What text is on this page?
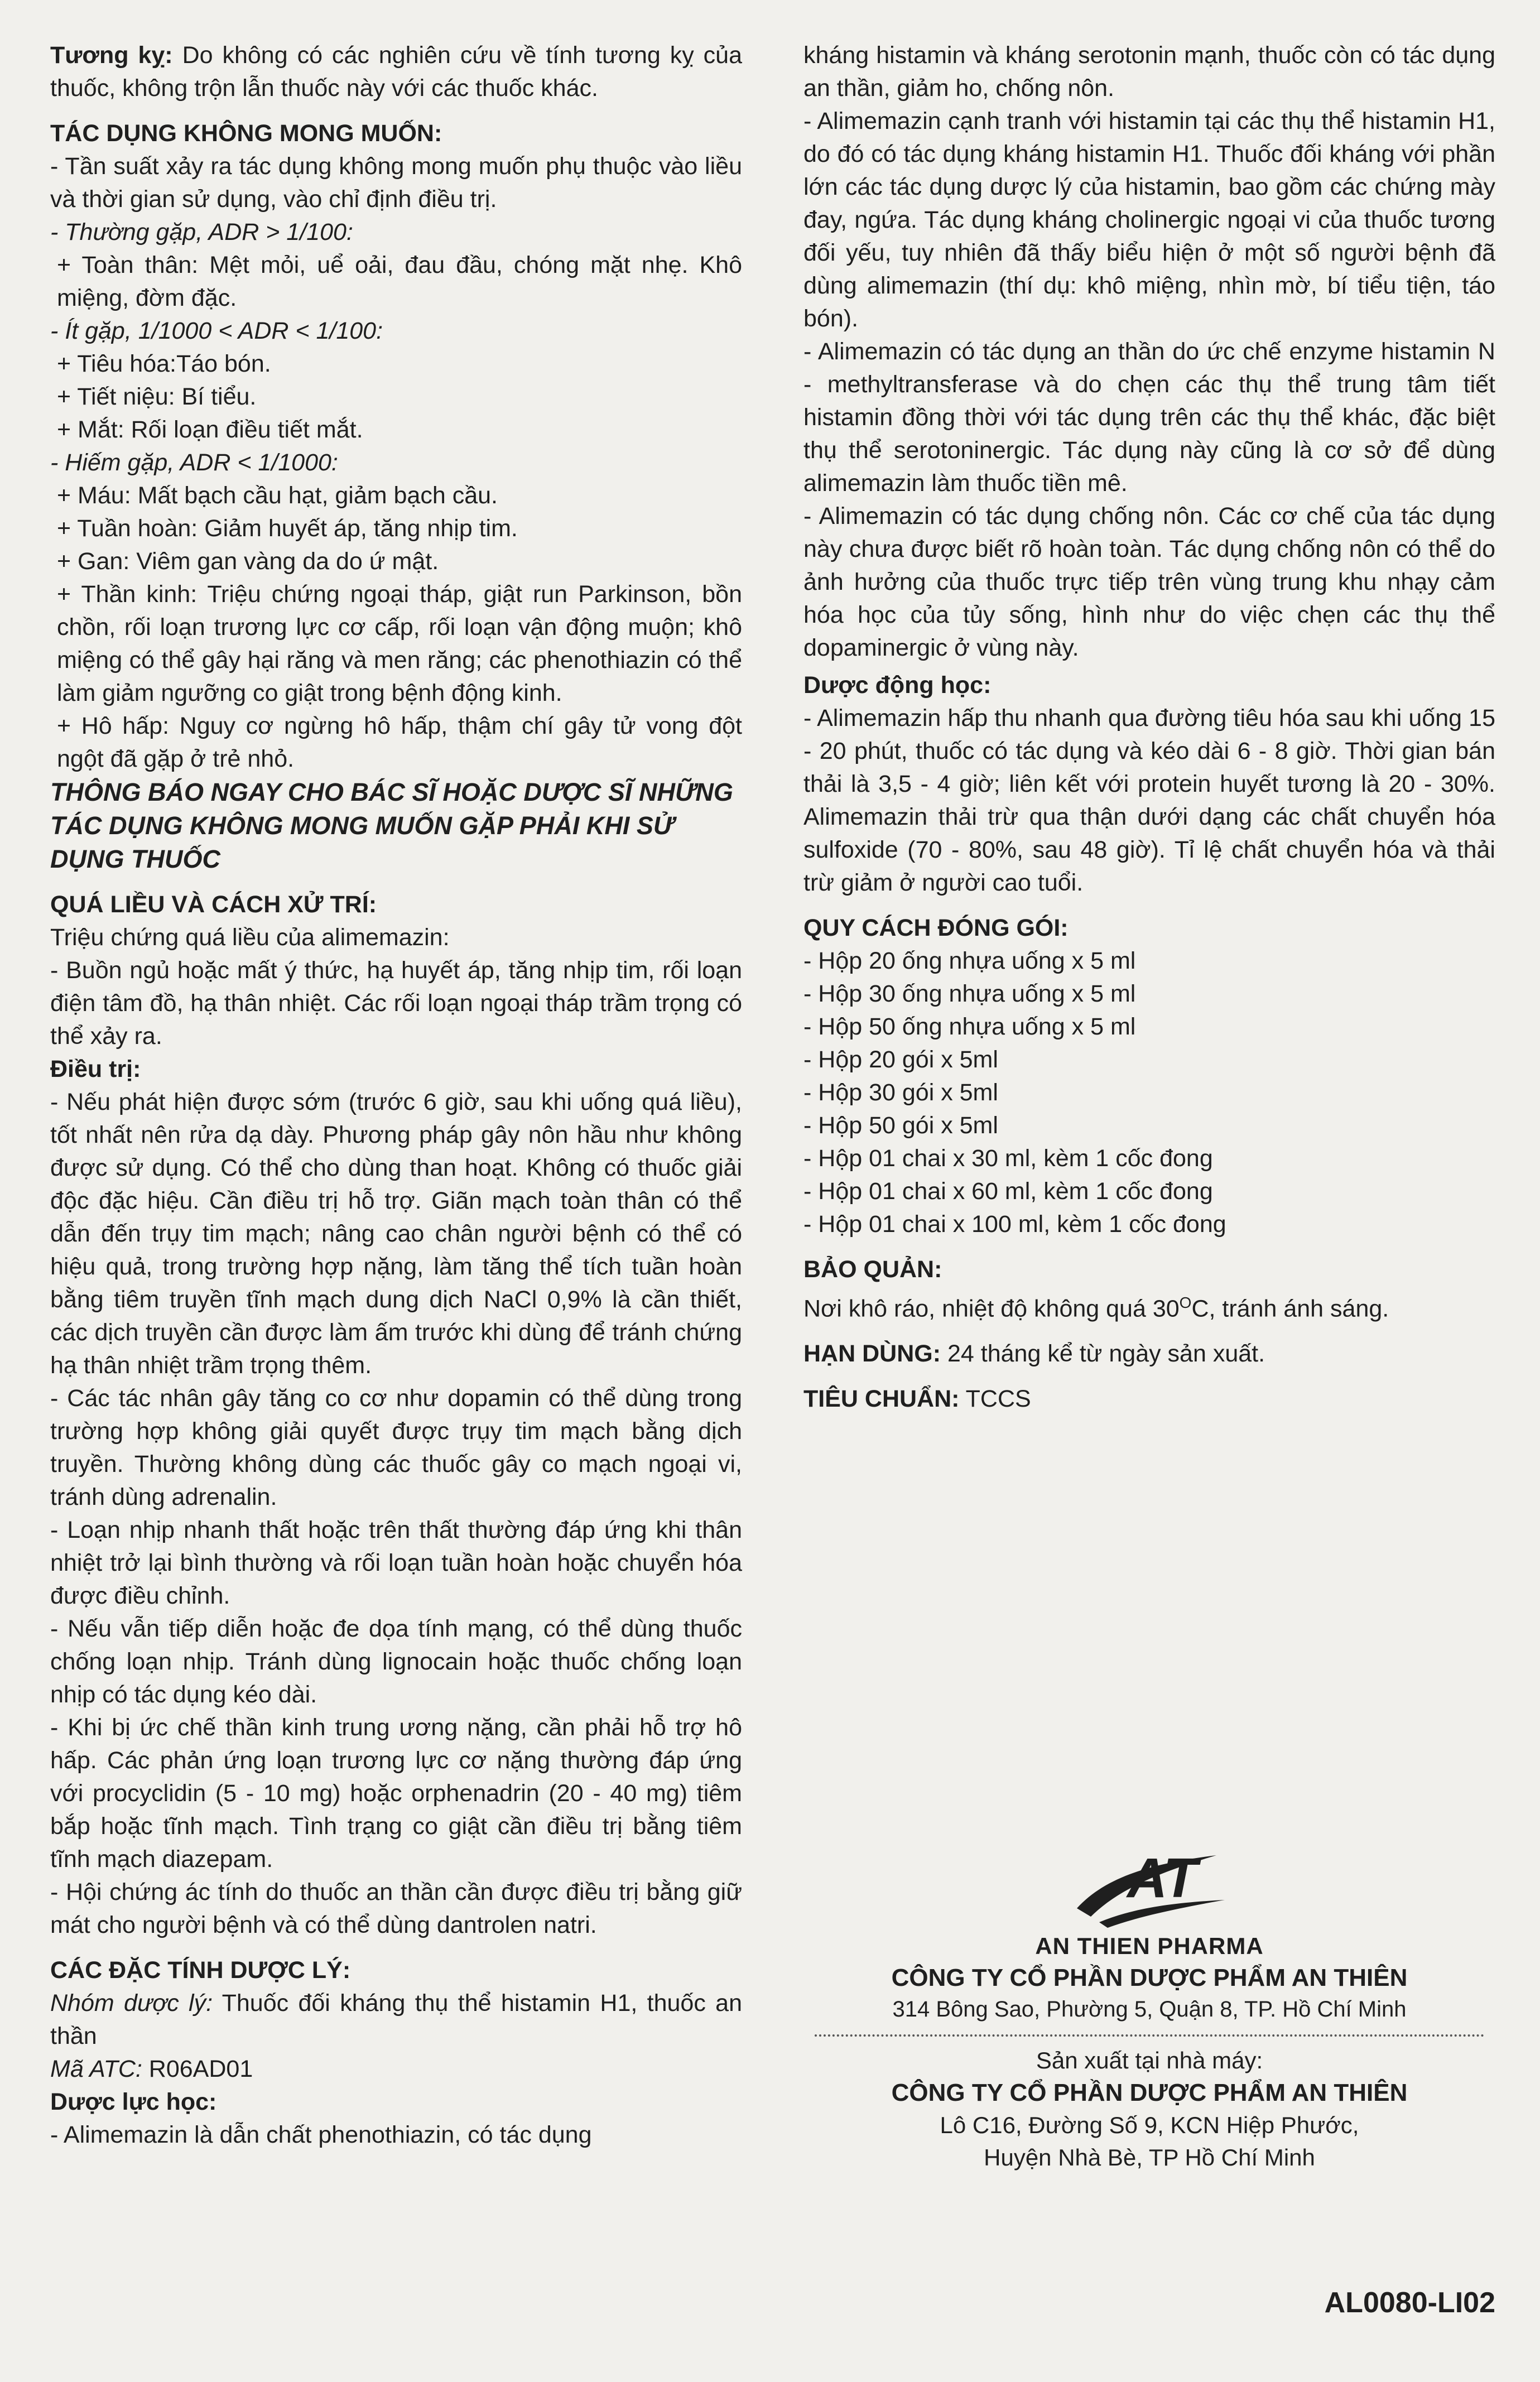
Tương kỵ: Do không có các nghiên cứu về tính tương kỵ của thuốc, không trộn lẫn thuốc này với các thuốc khác.

TÁC DỤNG KHÔNG MONG MUỐN:

- Tần suất xảy ra tác dụng không mong muốn phụ thuộc vào liều và thời gian sử dụng, vào chỉ định điều trị.

- Thường gặp, ADR > 1/100:

+ Toàn thân: Mệt mỏi, uể oải, đau đầu, chóng mặt nhẹ. Khô miệng, đờm đặc.

- Ít gặp, 1/1000 < ADR < 1/100:

+ Tiêu hóa:Táo bón.

+ Tiết niệu: Bí tiểu.

+ Mắt: Rối loạn điều tiết mắt.

- Hiếm gặp, ADR < 1/1000:

+ Máu: Mất bạch cầu hạt, giảm bạch cầu.

+ Tuần hoàn: Giảm huyết áp, tăng nhịp tim.

+ Gan: Viêm gan vàng da do ứ mật.

+ Thần kinh: Triệu chứng ngoại tháp, giật run Parkinson, bồn chồn, rối loạn trương lực cơ cấp, rối loạn vận động muộn; khô miệng có thể gây hại răng và men răng; các phenothiazin có thể làm giảm ngưỡng co giật trong bệnh động kinh.

+ Hô hấp: Nguy cơ ngừng hô hấp, thậm chí gây tử vong đột ngột đã gặp ở trẻ nhỏ.

THÔNG BÁO NGAY CHO BÁC SĨ HOẶC DƯỢC SĨ NHỮNG TÁC DỤNG KHÔNG MONG MUỐN GẶP PHẢI KHI SỬ DỤNG THUỐC

QUÁ LIỀU VÀ CÁCH XỬ TRÍ:

Triệu chứng quá liều của alimemazin:

- Buồn ngủ hoặc mất ý thức, hạ huyết áp, tăng nhịp tim, rối loạn điện tâm đồ, hạ thân nhiệt. Các rối loạn ngoại tháp trầm trọng có thể xảy ra.

Điều trị:

- Nếu phát hiện được sớm (trước 6 giờ, sau khi uống quá liều), tốt nhất nên rửa dạ dày. Phương pháp gây nôn hầu như không được sử dụng. Có thể cho dùng than hoạt. Không có thuốc giải độc đặc hiệu. Cần điều trị hỗ trợ. Giãn mạch toàn thân có thể dẫn đến trụy tim mạch; nâng cao chân người bệnh có thể có hiệu quả, trong trường hợp nặng, làm tăng thể tích tuần hoàn bằng tiêm truyền tĩnh mạch dung dịch NaCl 0,9% là cần thiết, các dịch truyền cần được làm ấm trước khi dùng để tránh chứng hạ thân nhiệt trầm trọng thêm.

- Các tác nhân gây tăng co cơ như dopamin có thể dùng trong trường hợp không giải quyết được trụy tim mạch bằng dịch truyền. Thường không dùng các thuốc gây co mạch ngoại vi, tránh dùng adrenalin.

- Loạn nhịp nhanh thất hoặc trên thất thường đáp ứng khi thân nhiệt trở lại bình thường và rối loạn tuần hoàn hoặc chuyển hóa được điều chỉnh.

- Nếu vẫn tiếp diễn hoặc đe dọa tính mạng, có thể dùng thuốc chống loạn nhịp. Tránh dùng lignocain hoặc thuốc chống loạn nhịp có tác dụng kéo dài.

- Khi bị ức chế thần kinh trung ương nặng, cần phải hỗ trợ hô hấp. Các phản ứng loạn trương lực cơ nặng thường đáp ứng với procyclidin (5 - 10 mg) hoặc orphenadrin (20 - 40 mg) tiêm bắp hoặc tĩnh mạch. Tình trạng co giật cần điều trị bằng tiêm tĩnh mạch diazepam.

- Hội chứng ác tính do thuốc an thần cần được điều trị bằng giữ mát cho người bệnh và có thể dùng dantrolen natri.

CÁC ĐẶC TÍNH DƯỢC LÝ:

Nhóm dược lý: Thuốc đối kháng thụ thể histamin H1, thuốc an thần

Mã ATC: R06AD01

Dược lực học:

- Alimemazin là dẫn chất phenothiazin, có tác dụng

kháng histamin và kháng serotonin mạnh, thuốc còn có tác dụng an thần, giảm ho, chống nôn.

- Alimemazin cạnh tranh với histamin tại các thụ thể histamin H1, do đó có tác dụng kháng histamin H1. Thuốc đối kháng với phần lớn các tác dụng dược lý của histamin, bao gồm các chứng mày đay, ngứa. Tác dụng kháng cholinergic ngoại vi của thuốc tương đối yếu, tuy nhiên đã thấy biểu hiện ở một số người bệnh đã dùng alimemazin (thí dụ: khô miệng, nhìn mờ, bí tiểu tiện, táo bón).

- Alimemazin có tác dụng an thần do ức chế enzyme histamin N - methyltransferase và do chẹn các thụ thể trung tâm tiết histamin đồng thời với tác dụng trên các thụ thể khác, đặc biệt thụ thể serotoninergic. Tác dụng này cũng là cơ sở để dùng alimemazin làm thuốc tiền mê.

- Alimemazin có tác dụng chống nôn. Các cơ chế của tác dụng này chưa được biết rõ hoàn toàn. Tác dụng chống nôn có thể do ảnh hưởng của thuốc trực tiếp trên vùng trung khu nhạy cảm hóa học của tủy sống, hình như do việc chẹn các thụ thể dopaminergic ở vùng này.

Dược động học:

- Alimemazin hấp thu nhanh qua đường tiêu hóa sau khi uống 15 - 20 phút, thuốc có tác dụng và kéo dài 6 - 8 giờ. Thời gian bán thải là 3,5 - 4 giờ; liên kết với protein huyết tương là 20 - 30%. Alimemazin thải trừ qua thận dưới dạng các chất chuyển hóa sulfoxide (70 - 80%, sau 48 giờ). Tỉ lệ chất chuyển hóa và thải trừ giảm ở người cao tuổi.

QUY CÁCH ĐÓNG GÓI:

- Hộp 20 ống nhựa uống x 5 ml

- Hộp 30 ống nhựa uống x 5 ml

- Hộp 50 ống nhựa uống x 5 ml

- Hộp 20 gói x 5ml

- Hộp 30 gói x 5ml

- Hộp 50 gói x 5ml

- Hộp 01 chai x 30 ml, kèm 1 cốc đong

- Hộp 01 chai x 60 ml, kèm 1 cốc đong

- Hộp 01 chai x 100 ml, kèm 1 cốc đong

BẢO QUẢN:

Nơi khô ráo, nhiệt độ không quá $30^OC$, tránh ánh sáng.

HẠN DÙNG: 24 tháng kể từ ngày sản xuất.

TIÊU CHUẨN: TCCS

AT
AN THIEN PHARMA
CÔNG TY CỔ PHẦN DƯỢC PHẨM AN THIÊN
314 Bông Sao, Phường 5, Quận 8, TP. Hồ Chí Minh
Sản xuất tại nhà máy:
CÔNG TY CỔ PHẦN DƯỢC PHẨM AN THIÊN
Lô C16, Đường Số 9, KCN Hiệp Phước,
Huyện Nhà Bè, TP Hồ Chí Minh
AL0080-LI02
